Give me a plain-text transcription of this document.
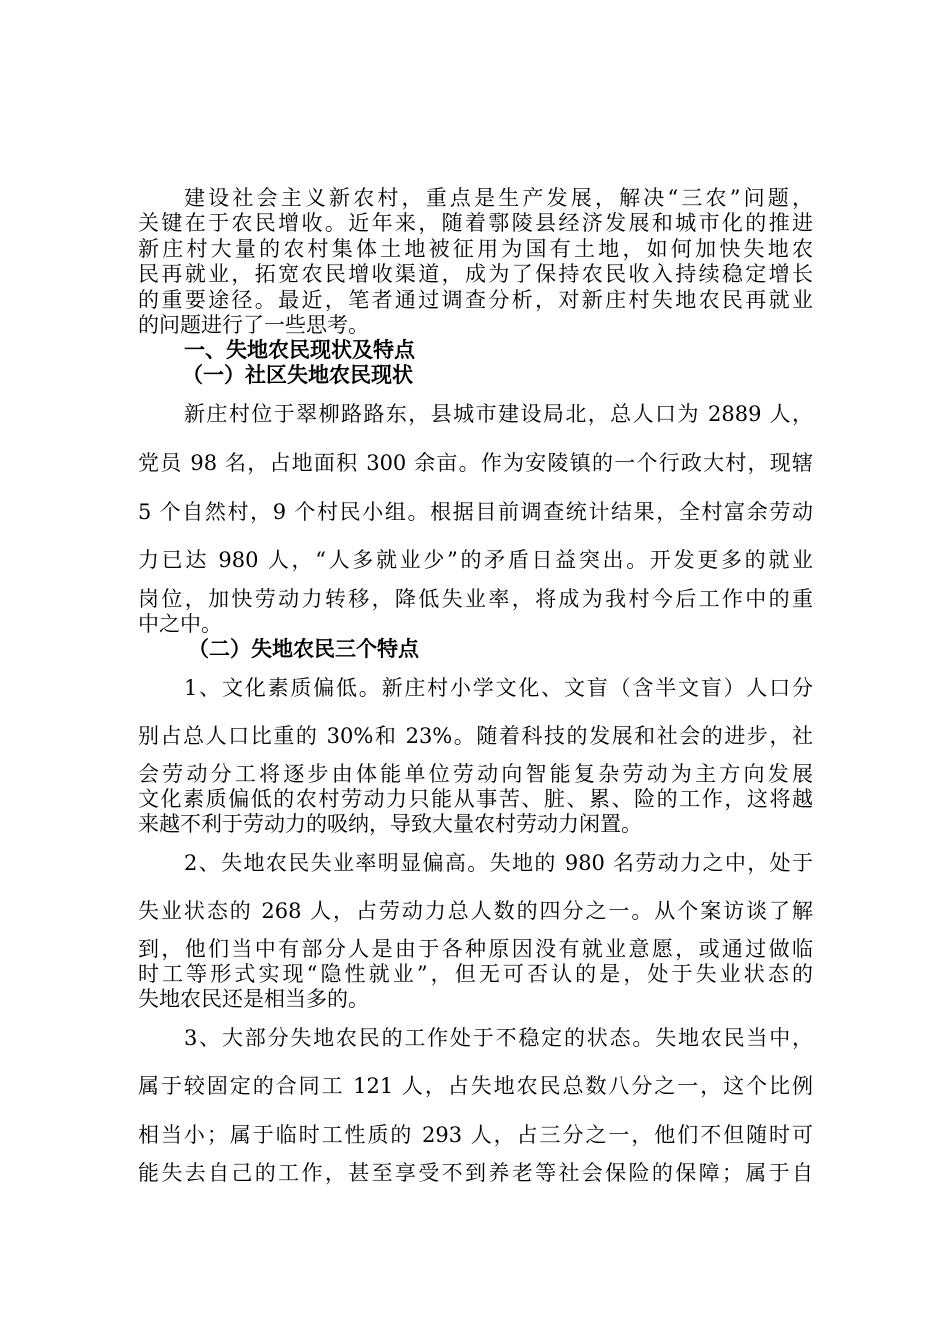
建设社会主义新农村，重点是生产发展，解决“三农”问题，
关键在于农民增收。近年来，随着鄠陵县经济发展和城市化的推进
新庄村大量的农村集体土地被征用为国有土地，如何加快失地农
民再就业，拓宽农民增收渠道，成为了保持农民收入持续稳定增长
的重要途径。最近，笔者通过调查分析，对新庄村失地农民再就业
的问题进行了一些思考。
一、失地农民现状及特点
（一）社区失地农民现状
新庄村位于翠柳路路东，县城市建设局北，总人口为 2889 人，
党员 98 名，占地面积 300 余亩。作为安陵镇的一个行政大村，现辖
5 个自然村，9 个村民小组。根据目前调查统计结果，全村富余劳动
力已达 980 人，“人多就业少”的矛盾日益突出。开发更多的就业
岗位，加快劳动力转移，降低失业率，将成为我村今后工作中的重
中之中。
（二）失地农民三个特点
1、文化素质偏低。新庄村小学文化、文盲（含半文盲）人口分
别占总人口比重的 30%和 23%。随着科技的发展和社会的进步，社
会劳动分工将逐步由体能单位劳动向智能复杂劳动为主方向发展
文化素质偏低的农村劳动力只能从事苦、脏、累、险的工作，这将越
来越不利于劳动力的吸纳，导致大量农村劳动力闲置。
2、失地农民失业率明显偏高。失地的 980 名劳动力之中，处于
失业状态的 268 人，占劳动力总人数的四分之一。从个案访谈了解
到，他们当中有部分人是由于各种原因没有就业意愿，或通过做临
时工等形式实现“隐性就业”，但无可否认的是，处于失业状态的
失地农民还是相当多的。
3、大部分失地农民的工作处于不稳定的状态。失地农民当中，
属于较固定的合同工 121 人，占失地农民总数八分之一，这个比例
相当小；属于临时工性质的 293 人，占三分之一，他们不但随时可
能失去自己的工作，甚至享受不到养老等社会保险的保障；属于自
